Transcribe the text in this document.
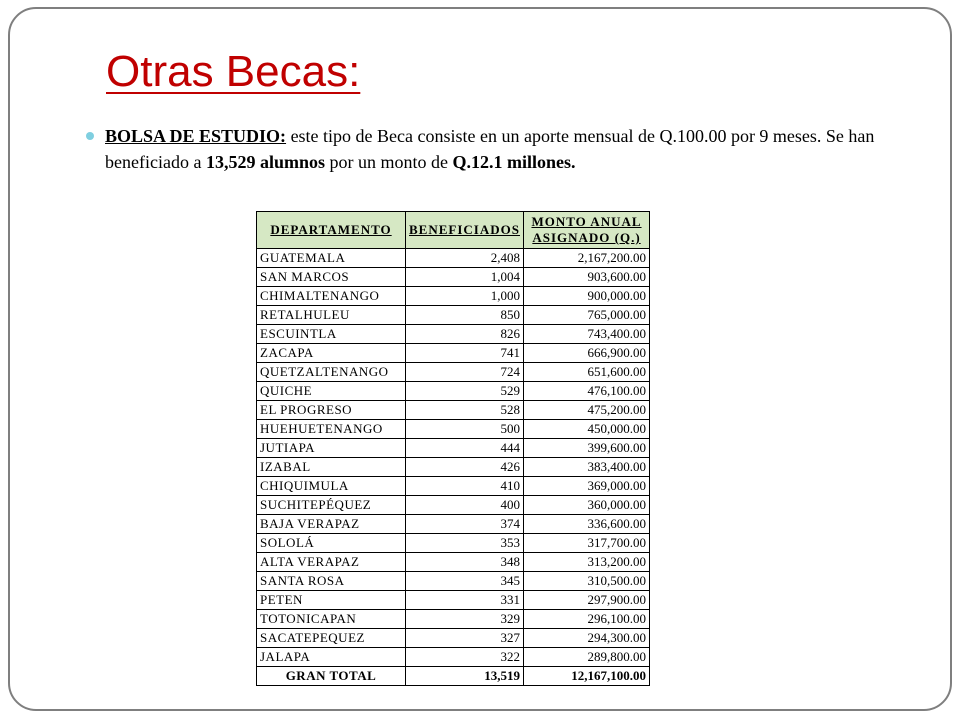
Otras Becas:
BOLSA DE ESTUDIO: este tipo de Beca consiste en un aporte mensual de Q.100.00 por 9 meses. Se han beneficiado a 13,529 alumnos por un monto de Q.12.1 millones.
DEPARTAMENTO	BENEFICIADOS	MONTO ANUAL
ASIGNADO (Q.)
GUATEMALA	2,408	2,167,200.00
SAN MARCOS	1,004	903,600.00
CHIMALTENANGO	1,000	900,000.00
RETALHULEU	850	765,000.00
ESCUINTLA	826	743,400.00
ZACAPA	741	666,900.00
QUETZALTENANGO	724	651,600.00
QUICHE	529	476,100.00
EL PROGRESO	528	475,200.00
HUEHUETENANGO	500	450,000.00
JUTIAPA	444	399,600.00
IZABAL	426	383,400.00
CHIQUIMULA	410	369,000.00
SUCHITEPÉQUEZ	400	360,000.00
BAJA VERAPAZ	374	336,600.00
SOLOLÁ	353	317,700.00
ALTA VERAPAZ	348	313,200.00
SANTA ROSA	345	310,500.00
PETEN	331	297,900.00
TOTONICAPAN	329	296,100.00
SACATEPEQUEZ	327	294,300.00
JALAPA	322	289,800.00
GRAN TOTAL	13,519	12,167,100.00
